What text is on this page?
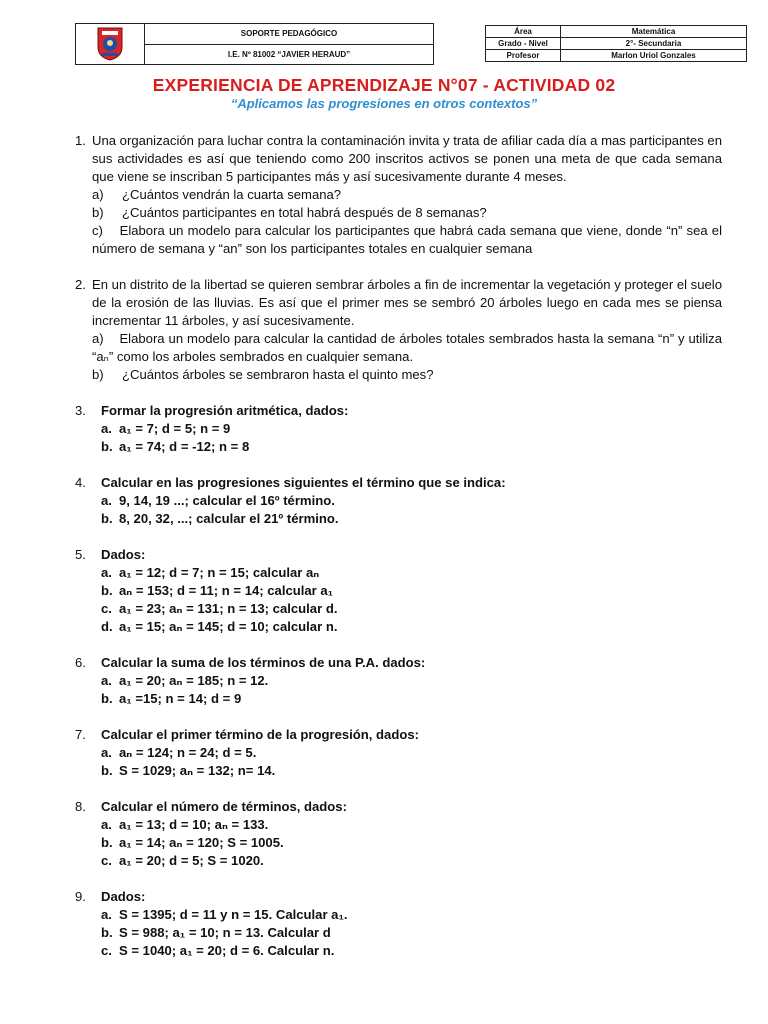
SOPORTE PEDAGÓGICO
I.E. Nº 81002 “JAVIER HERAUD”
Área	Matemática
Grado - Nivel	2°- Secundaria
Profesor	Marlon Uriol Gonzales
EXPERIENCIA DE APRENDIZAJE N°07 - ACTIVIDAD 02
“Aplicamos las progresiones en otros contextos”
1. Una organización para luchar contra la contaminación invita y trata de afiliar cada día a mas participantes en sus actividades es así que teniendo como 200 inscritos activos se ponen una meta de que cada semana que viene se inscriban 5 participantes más y así sucesivamente durante 4 meses.
a)	¿Cuántos vendrán la cuarta semana?
b)	¿Cuántos participantes en total habrá después de 8 semanas?
c) Elabora un modelo para calcular los participantes que habrá cada semana que viene, donde “n” sea el número de semana y “an” son los participantes totales en cualquier semana
2. En un distrito de la libertad se quieren sembrar árboles a fin de incrementar la vegetación y proteger el suelo de la erosión de las lluvias. Es así que el primer mes se sembró 20 árboles luego en cada mes se piensa incrementar 11 árboles, y así sucesivamente.
a) Elabora un modelo para calcular la cantidad de árboles totales sembrados hasta la semana “n” y utiliza “aₙ” como los arboles sembrados en cualquier semana.
b)	¿Cuántos árboles se sembraron hasta el quinto mes?
3.	Formar la progresión aritmética, dados:
a. a₁ = 7; d = 5; n = 9
b. a₁ = 74; d = -12; n = 8
4.	Calcular en las progresiones siguientes el término que se indica:
a. 9, 14, 19 ...; calcular el 16º término.
b. 8, 20, 32, ...; calcular el 21º término.
5.	Dados:
a. a₁ = 12; d = 7; n = 15; calcular aₙ
b. aₙ = 153; d = 11; n = 14; calcular a₁
c. a₁ = 23; aₙ = 131; n = 13; calcular d.
d. a₁ = 15; aₙ = 145; d = 10; calcular n.
6.	Calcular la suma de los términos de una P.A. dados:
a. a₁ = 20; aₙ = 185; n = 12.
b. a₁ =15; n = 14; d = 9
7.	Calcular el primer término de la progresión, dados:
a. aₙ = 124; n = 24; d = 5.
b. S = 1029; aₙ = 132; n= 14.
8.	Calcular el número de términos, dados:
a. a₁ = 13; d = 10; aₙ = 133.
b. a₁ = 14; aₙ = 120; S = 1005.
c. a₁ = 20; d = 5; S = 1020.
9.	Dados:
a. S = 1395; d = 11 y n = 15. Calcular a₁.
b. S = 988; a₁ = 10; n = 13. Calcular d
c. S = 1040; a₁ = 20; d = 6. Calcular n.
